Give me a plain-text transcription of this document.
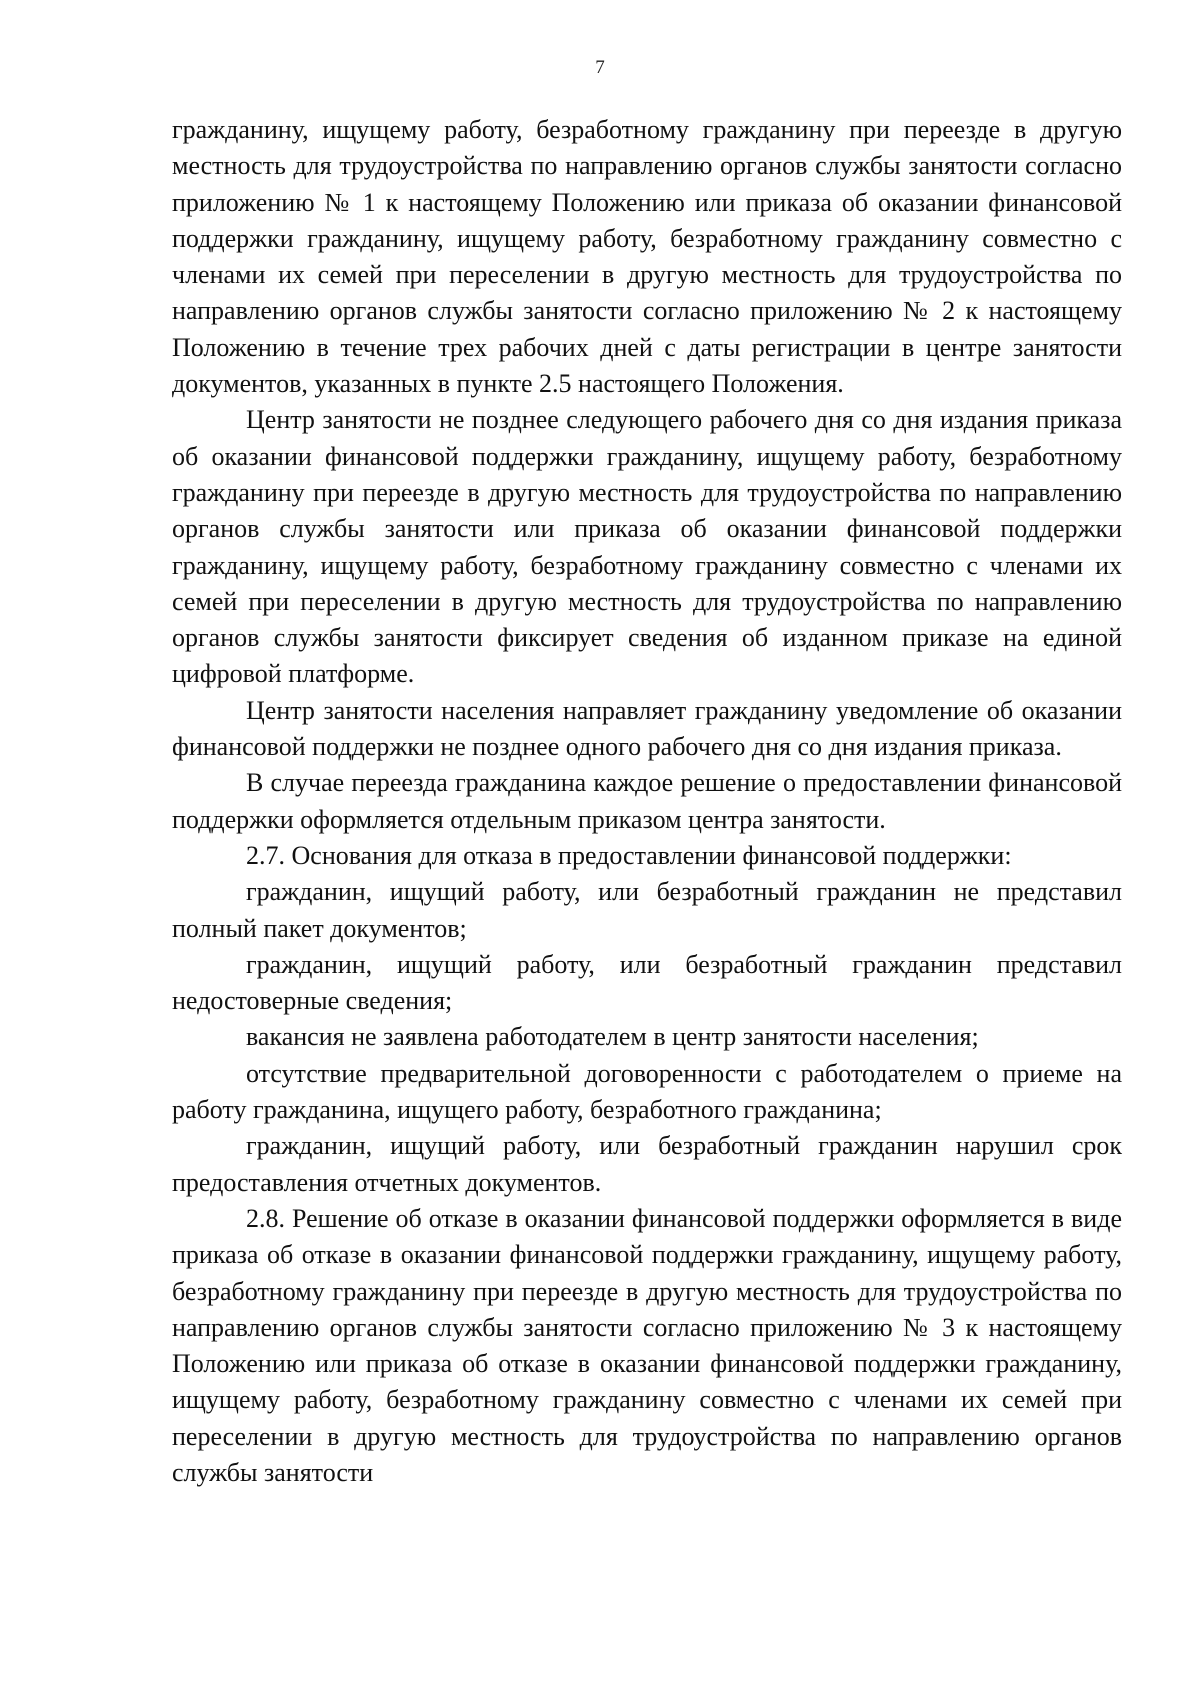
7

гражданину, ищущему работу, безработному гражданину при переезде в другую местность для трудоустройства по направлению органов службы занятости согласно приложению № 1 к настоящему Положению или приказа об оказании финансовой поддержки гражданину, ищущему работу, безработному гражданину совместно с членами их семей при переселении в другую местность для трудоустройства по направлению органов службы занятости согласно приложению № 2 к настоящему Положению в течение трех рабочих дней с даты регистрации в центре занятости документов, указанных в пункте 2.5 настоящего Положения.

Центр занятости не позднее следующего рабочего дня со дня издания приказа об оказании финансовой поддержки гражданину, ищущему работу, безработному гражданину при переезде в другую местность для трудоустройства по направлению органов службы занятости или приказа об оказании финансовой поддержки гражданину, ищущему работу, безработному гражданину совместно с членами их семей при переселении в другую местность для трудоустройства по направлению органов службы занятости фиксирует сведения об изданном приказе на единой цифровой платформе.

Центр занятости населения направляет гражданину уведомление об оказании финансовой поддержки не позднее одного рабочего дня со дня издания приказа.

В случае переезда гражданина каждое решение о предоставлении финансовой поддержки оформляется отдельным приказом центра занятости.

2.7. Основания для отказа в предоставлении финансовой поддержки:

гражданин, ищущий работу, или безработный гражданин не представил полный пакет документов;

гражданин, ищущий работу, или безработный гражданин представил недостоверные сведения;

вакансия не заявлена работодателем в центр занятости населения;

отсутствие предварительной договоренности с работодателем о приеме на работу гражданина, ищущего работу, безработного гражданина;

гражданин, ищущий работу, или безработный гражданин нарушил срок предоставления отчетных документов.

2.8. Решение об отказе в оказании финансовой поддержки оформляется в виде приказа об отказе в оказании финансовой поддержки гражданину, ищущему работу, безработному гражданину при переезде в другую местность для трудоустройства по направлению органов службы занятости согласно приложению № 3 к настоящему Положению или приказа об отказе в оказании финансовой поддержки гражданину, ищущему работу, безработному гражданину совместно с членами их семей при переселении в другую местность для трудоустройства по направлению органов службы занятости
